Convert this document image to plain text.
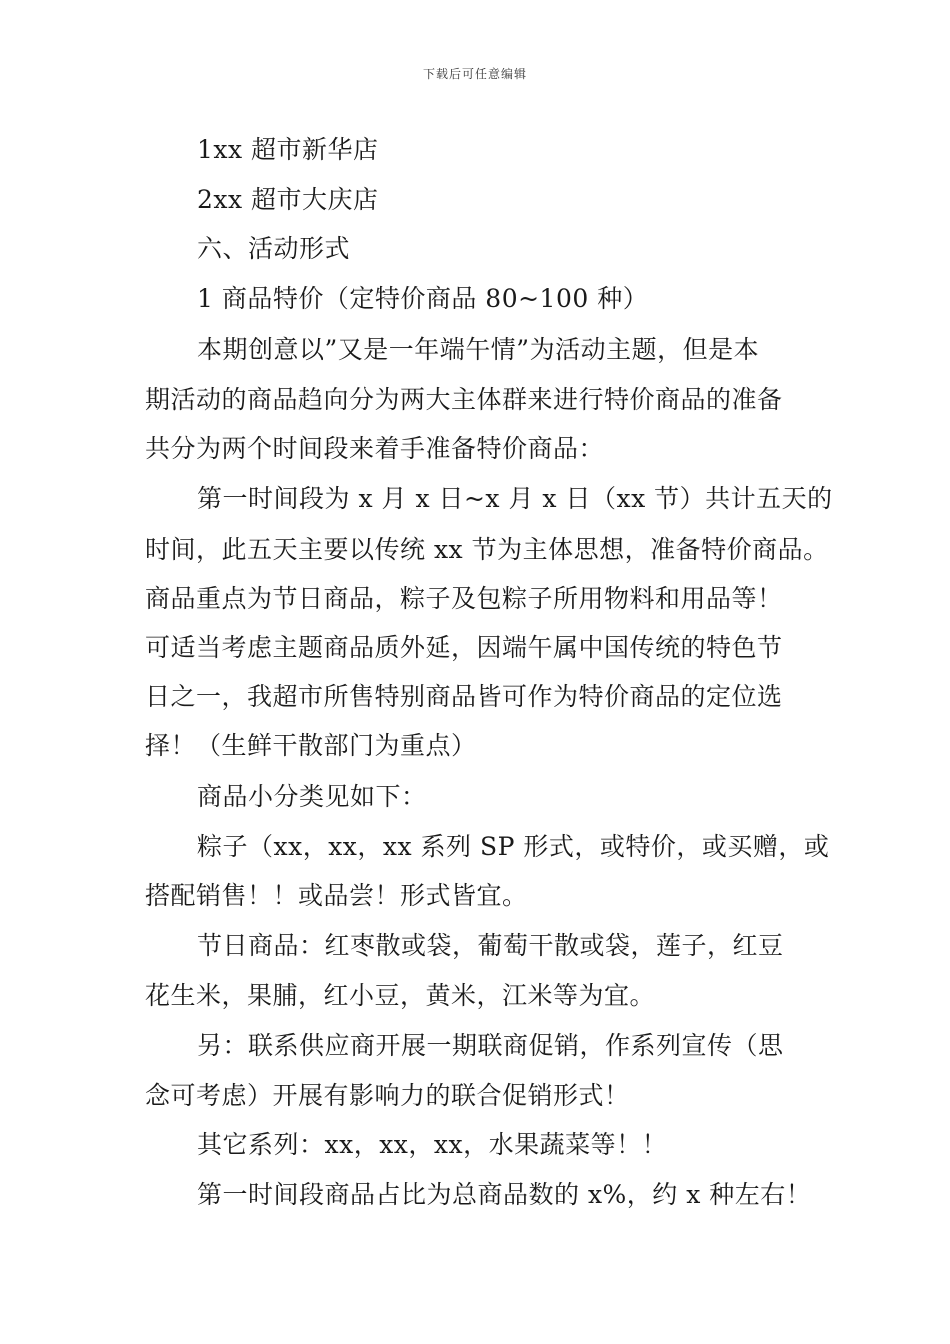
下载后可任意编辑
1xx 超市新华店
2xx 超市大庆店
六、活动形式
1 商品特价（定特价商品 80~100 种）
本期创意以”又是一年端午情”为活动主题，但是本
期活动的商品趋向分为两大主体群来进行特价商品的准备
共分为两个时间段来着手准备特价商品：
第一时间段为 x 月 x 日~x 月 x 日（xx 节）共计五天的
时间，此五天主要以传统 xx 节为主体思想，准备特价商品。
商品重点为节日商品，粽子及包粽子所用物料和用品等！
可适当考虑主题商品质外延，因端午属中国传统的特色节
日之一，我超市所售特别商品皆可作为特价商品的定位选
择！（生鲜干散部门为重点）
商品小分类见如下：
粽子（xx，xx，xx 系列 SP 形式，或特价，或买赠，或
搭配销售！！或品尝！形式皆宜。
节日商品：红枣散或袋，葡萄干散或袋，莲子，红豆
花生米，果脯，红小豆，黄米，江米等为宜。
另：联系供应商开展一期联商促销，作系列宣传（思
念可考虑）开展有影响力的联合促销形式！
其它系列：xx，xx，xx，水果蔬菜等！！
第一时间段商品占比为总商品数的 x%，约 x 种左右！
